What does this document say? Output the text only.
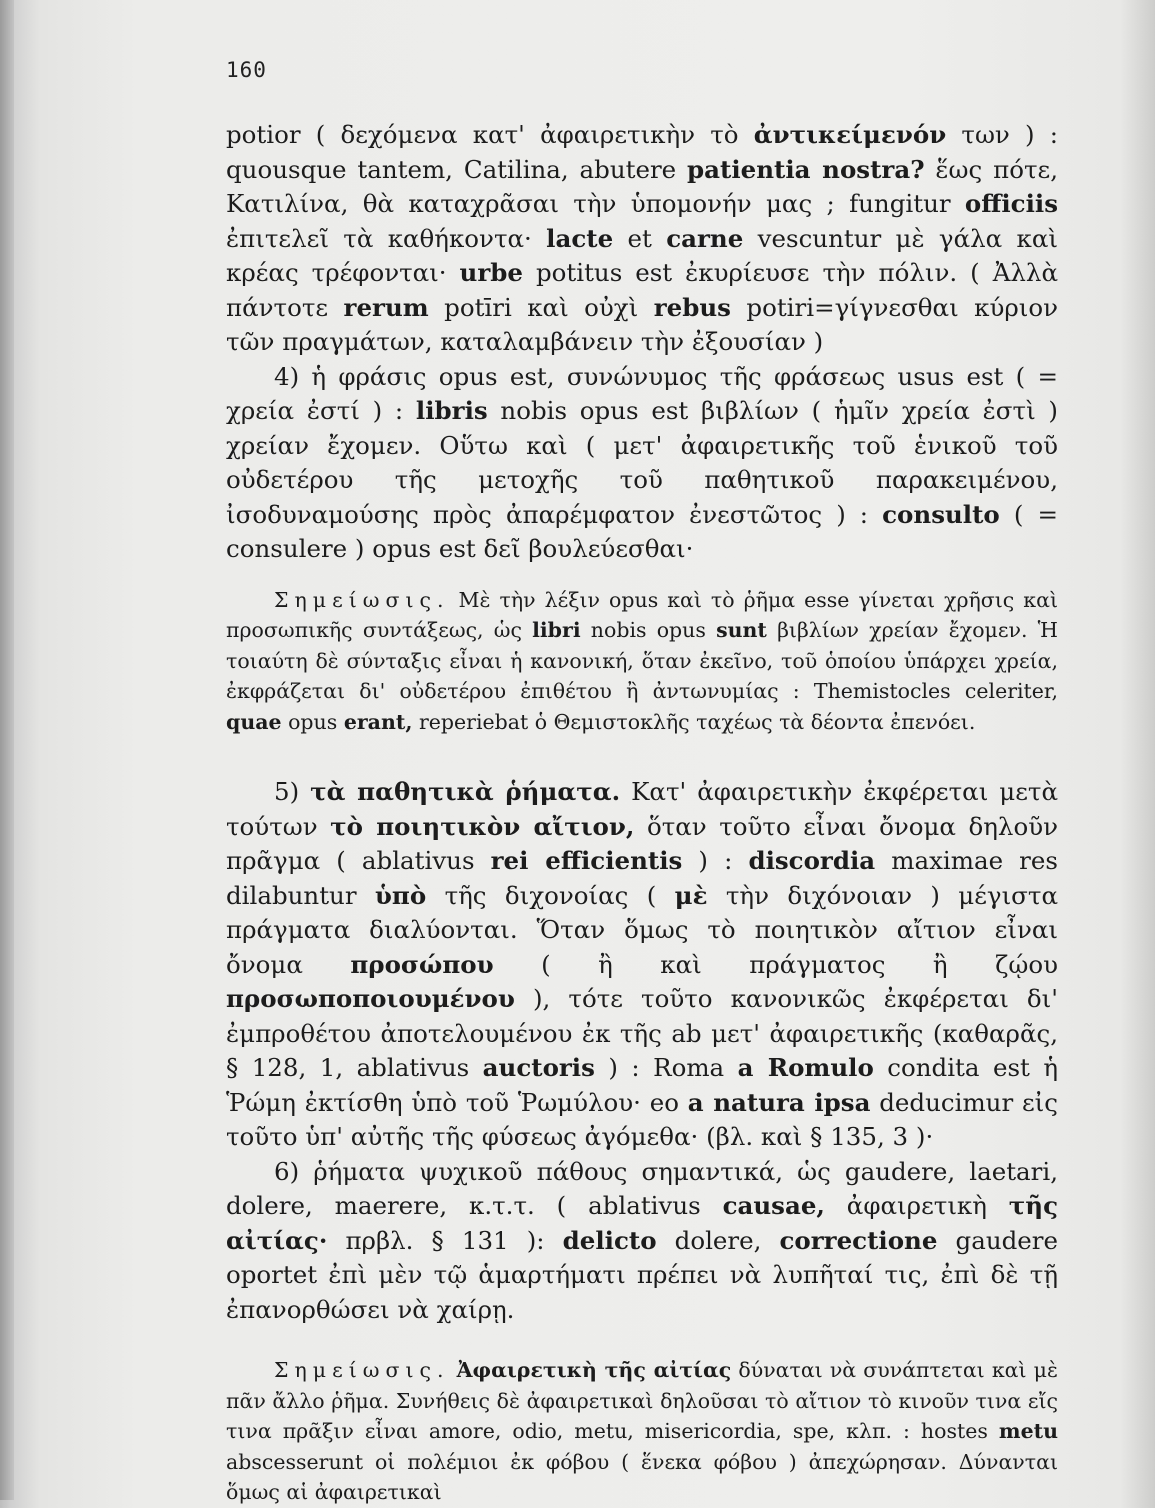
160

potior ( δεχόμενα κατ' ἀφαιρετικὴν τὸ ἀντικείμενόν των ) : quousque tantem, Catilina, abutere patientia nostra? ἕως πότε, Κατιλίνα, θὰ καταχρᾶσαι τὴν ὑπομονήν μας ; fungitur officiis ἐπιτελεῖ τὰ καθήκοντα· lacte et carne vescuntur μὲ γάλα καὶ κρέας τρέφονται· urbe potitus est ἐκυρίευσε τὴν πόλιν. ( Ἀλλὰ πάντοτε rerum potīri καὶ οὐχὶ rebus potiri=γίγνεσθαι κύριον τῶν πραγμάτων, καταλαμβάνειν τὴν ἐξουσίαν )

4) ἡ φράσις opus est, συνώνυμος τῆς φράσεως usus est ( = χρεία ἐστί ) : libris nobis opus est βιβλίων ( ἡμῖν χρεία ἐστὶ ) χρείαν ἔχομεν. Οὕτω καὶ ( μετ' ἀφαιρετικῆς τοῦ ἑνικοῦ τοῦ οὐδετέρου τῆς μετοχῆς τοῦ παθητικοῦ παρακειμένου, ἰσοδυναμούσης πρὸς ἀπαρέμφατον ἐνεστῶτος ) : consulto ( = consulere ) opus est δεῖ βουλεύεσθαι·

Σημείωσις. Μὲ τὴν λέξιν opus καὶ τὸ ῥῆμα esse γίνεται χρῆσις καὶ προσωπικῆς συντάξεως, ὡς libri nobis opus sunt βιβλίων χρείαν ἔχομεν. Ἡ τοιαύτη δὲ σύνταξις εἶναι ἡ κανονική, ὅταν ἐκεῖνο, τοῦ ὁποίου ὑπάρχει χρεία, ἐκφράζεται δι' οὐδετέρου ἐπιθέτου ἢ ἀντωνυμίας : Themistocles celeriter, quae opus erant, reperiebat ὁ Θεμιστοκλῆς ταχέως τὰ δέοντα ἐπενόει.

5) τὰ παθητικὰ ῥήματα. Κατ' ἀφαιρετικὴν ἐκφέρεται μετὰ τούτων τὸ ποιητικὸν αἴτιον, ὅταν τοῦτο εἶναι ὄνομα δηλοῦν πρᾶγμα ( ablativus rei efficientis ) : discordia maximae res dilabuntur ὑπὸ τῆς διχονοίας ( μὲ τὴν διχόνοιαν ) μέγιστα πράγματα διαλύονται. Ὅταν ὅμως τὸ ποιητικὸν αἴτιον εἶναι ὄνομα προσώπου ( ἢ καὶ πράγματος ἢ ζῴου προσωποποιουμένου ), τότε τοῦτο κανονικῶς ἐκφέρεται δι' ἐμπροθέτου ἀποτελουμένου ἐκ τῆς ab μετ' ἀφαιρετικῆς (καθαρᾶς, § 128, 1, ablativus auctoris ) : Roma a Romulo condita est ἡ Ῥώμη ἐκτίσθη ὑπὸ τοῦ Ῥωμύλου· eo a natura ipsa deducimur εἰς τοῦτο ὑπ' αὐτῆς τῆς φύσεως ἀγόμεθα· (βλ. καὶ § 135, 3 )·

6) ῥήματα ψυχικοῦ πάθους σημαντικά, ὡς gaudere, laetari, dolere, maerere, κ.τ.τ. ( ablativus causae, ἀφαιρετικὴ τῆς αἰτίας· πρβλ. § 131 ): delicto dolere, correctione gaudere oportet ἐπὶ μὲν τῷ ἁμαρτήματι πρέπει νὰ λυπῆταί τις, ἐπὶ δὲ τῇ ἐπανορθώσει νὰ χαίρῃ.

Σημείωσις. Ἀφαιρετικὴ τῆς αἰτίας δύναται νὰ συνάπτεται καὶ μὲ πᾶν ἄλλο ῥῆμα. Συνήθεις δὲ ἀφαιρετικαὶ δηλοῦσαι τὸ αἴτιον τὸ κινοῦν τινα εἴς τινα πρᾶξιν εἶναι amore, odio, metu, misericordia, spe, κλπ. : hostes metu abscesserunt οἱ πολέμιοι ἐκ φόβου ( ἕνεκα φόβου ) ἀπεχώρησαν. Δύνανται ὅμως αἱ ἀφαιρετικαὶ
